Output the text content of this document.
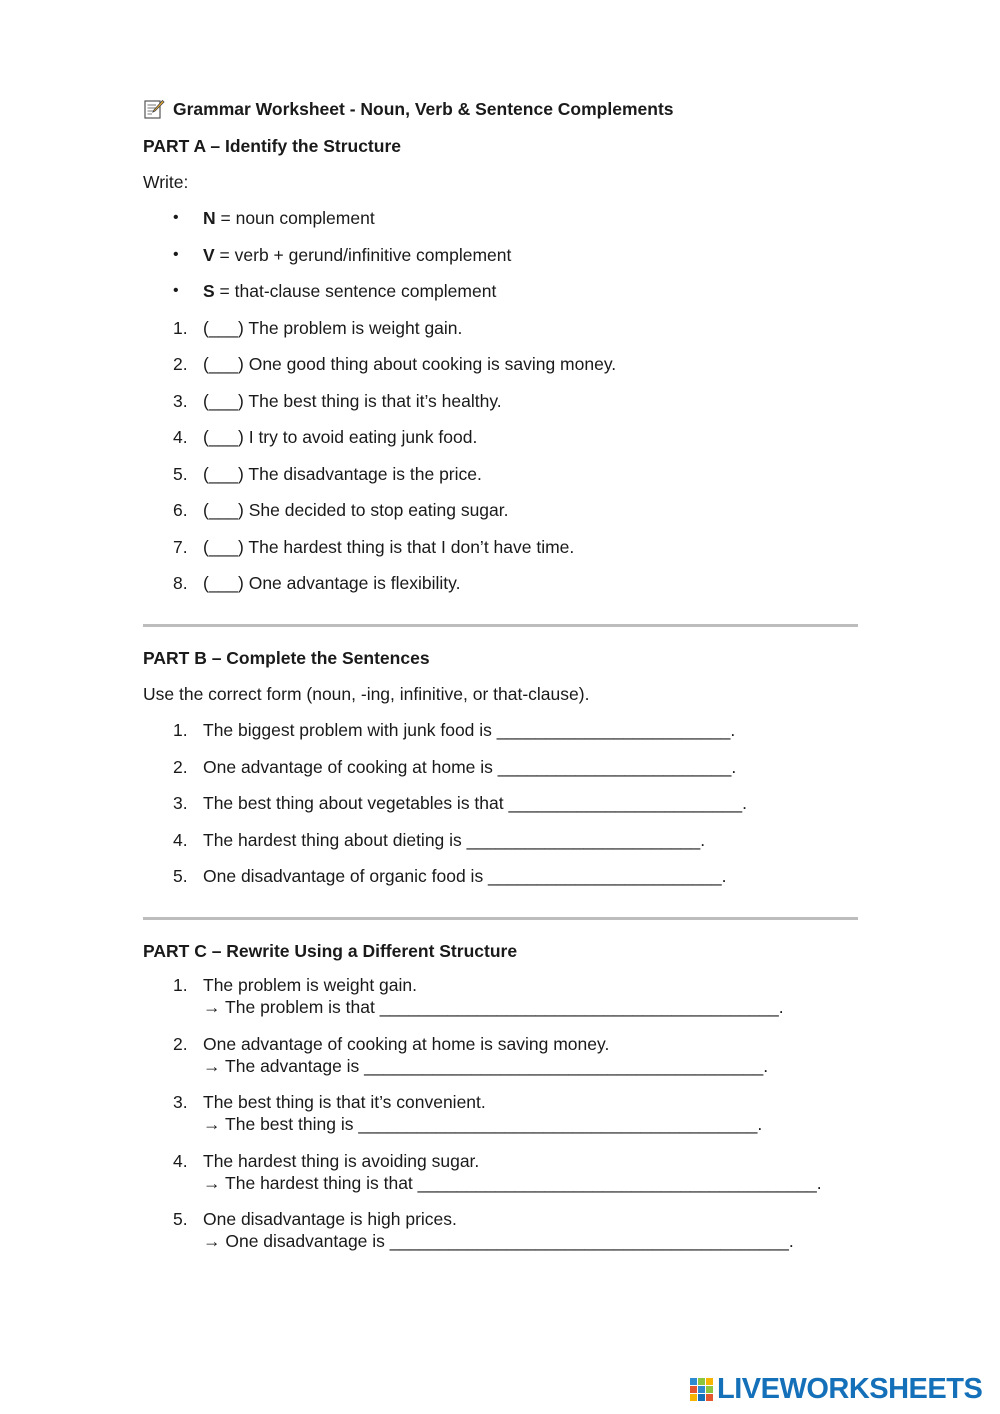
Grammar Worksheet - Noun, Verb & Sentence Complements
PART A – Identify the Structure
Write:
• N = noun complement
• V = verb + gerund/infinitive complement
• S = that-clause sentence complement
1. (___) The problem is weight gain.
2. (___) One good thing about cooking is saving money.
3. (___) The best thing is that it’s healthy.
4. (___) I try to avoid eating junk food.
5. (___) The disadvantage is the price.
6. (___) She decided to stop eating sugar.
7. (___) The hardest thing is that I don’t have time.
8. (___) One advantage is flexibility.
PART B – Complete the Sentences
Use the correct form (noun, -ing, infinitive, or that-clause).
1. The biggest problem with junk food is ________________________.
2. One advantage of cooking at home is ________________________.
3. The best thing about vegetables is that ________________________.
4. The hardest thing about dieting is ________________________.
5. One disadvantage of organic food is ________________________.
PART C – Rewrite Using a Different Structure
1. The problem is weight gain.
→ The problem is that _________________________________________.
2. One advantage of cooking at home is saving money.
→ The advantage is _________________________________________.
3. The best thing is that it’s convenient.
→ The best thing is _________________________________________.
4. The hardest thing is avoiding sugar.
→ The hardest thing is that _________________________________________.
5. One disadvantage is high prices.
→ One disadvantage is _________________________________________.
LIVEWORKSHEETS
